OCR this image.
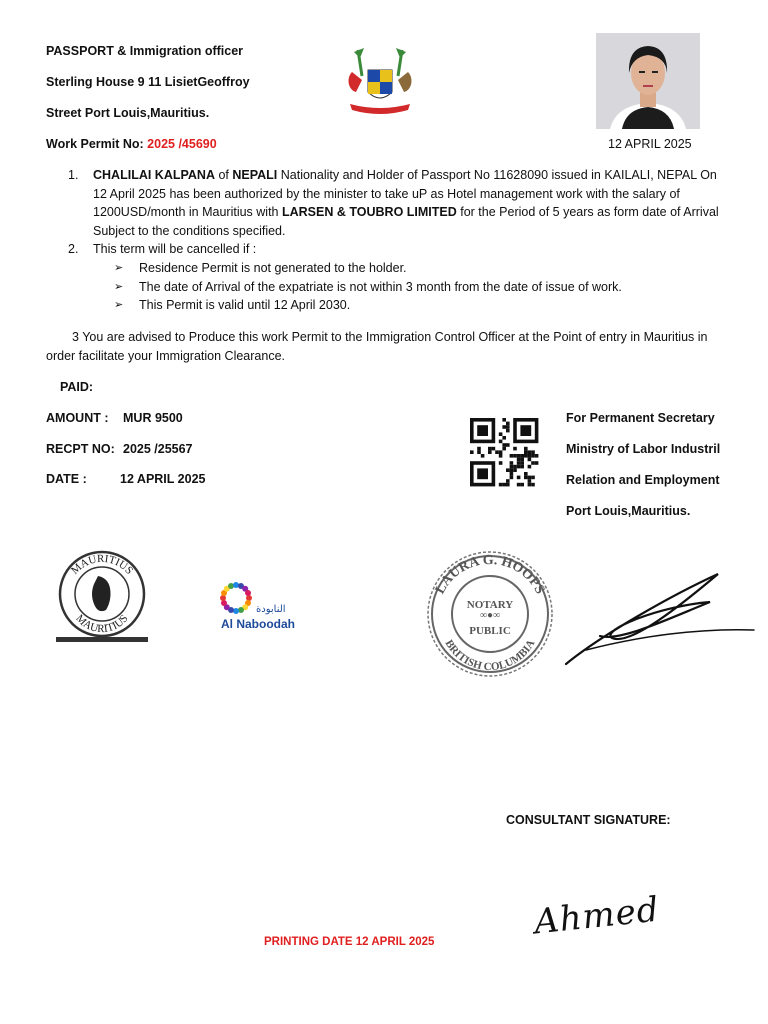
PASSPORT & Immigration officer
Sterling House 9 11 LisietGeoffroy
Street Port Louis,Mauritius.
Work Permit No: 2025 /45690	12 APRIL 2025
1. CHALILAI KALPANA of NEPALI Nationality and Holder of Passport No 11628090 issued in KAILALI, NEPAL On 12 April 2025 has been authorized by the minister to take uP as Hotel management work with the salary of 1200USD/month in Mauritius with LARSEN & TOUBRO LIMITED for the Period of 5 years as form date of Arrival Subject to the conditions specified.
2. This term will be cancelled if :
➢ Residence Permit is not generated to the holder.
➢ The date of Arrival of the expatriate is not within 3 month from the date of issue of work.
➢ This Permit is valid until 12 April 2030.
3 You are advised to Produce this work Permit to the Immigration Control Officer at the Point of entry in Mauritius in order facilitate your Immigration Clearance.
PAID:
AMOUNT : MUR 9500
RECPT NO: 2025 /25567
DATE :	12 APRIL 2025
For Permanent Secretary
Ministry of Labor Industril
Relation and Employment
Port Louis,Mauritius.
MAURITIUS
MAURITIUS
النابودة
Al Naboodah
LAURA G. HOOPS
BRITISH COLUMBIA
NOTARY
∞●∞
PUBLIC
CONSULTANT SIGNATURE:
PRINTING DATE 12 APRIL 2025	Ahmed
